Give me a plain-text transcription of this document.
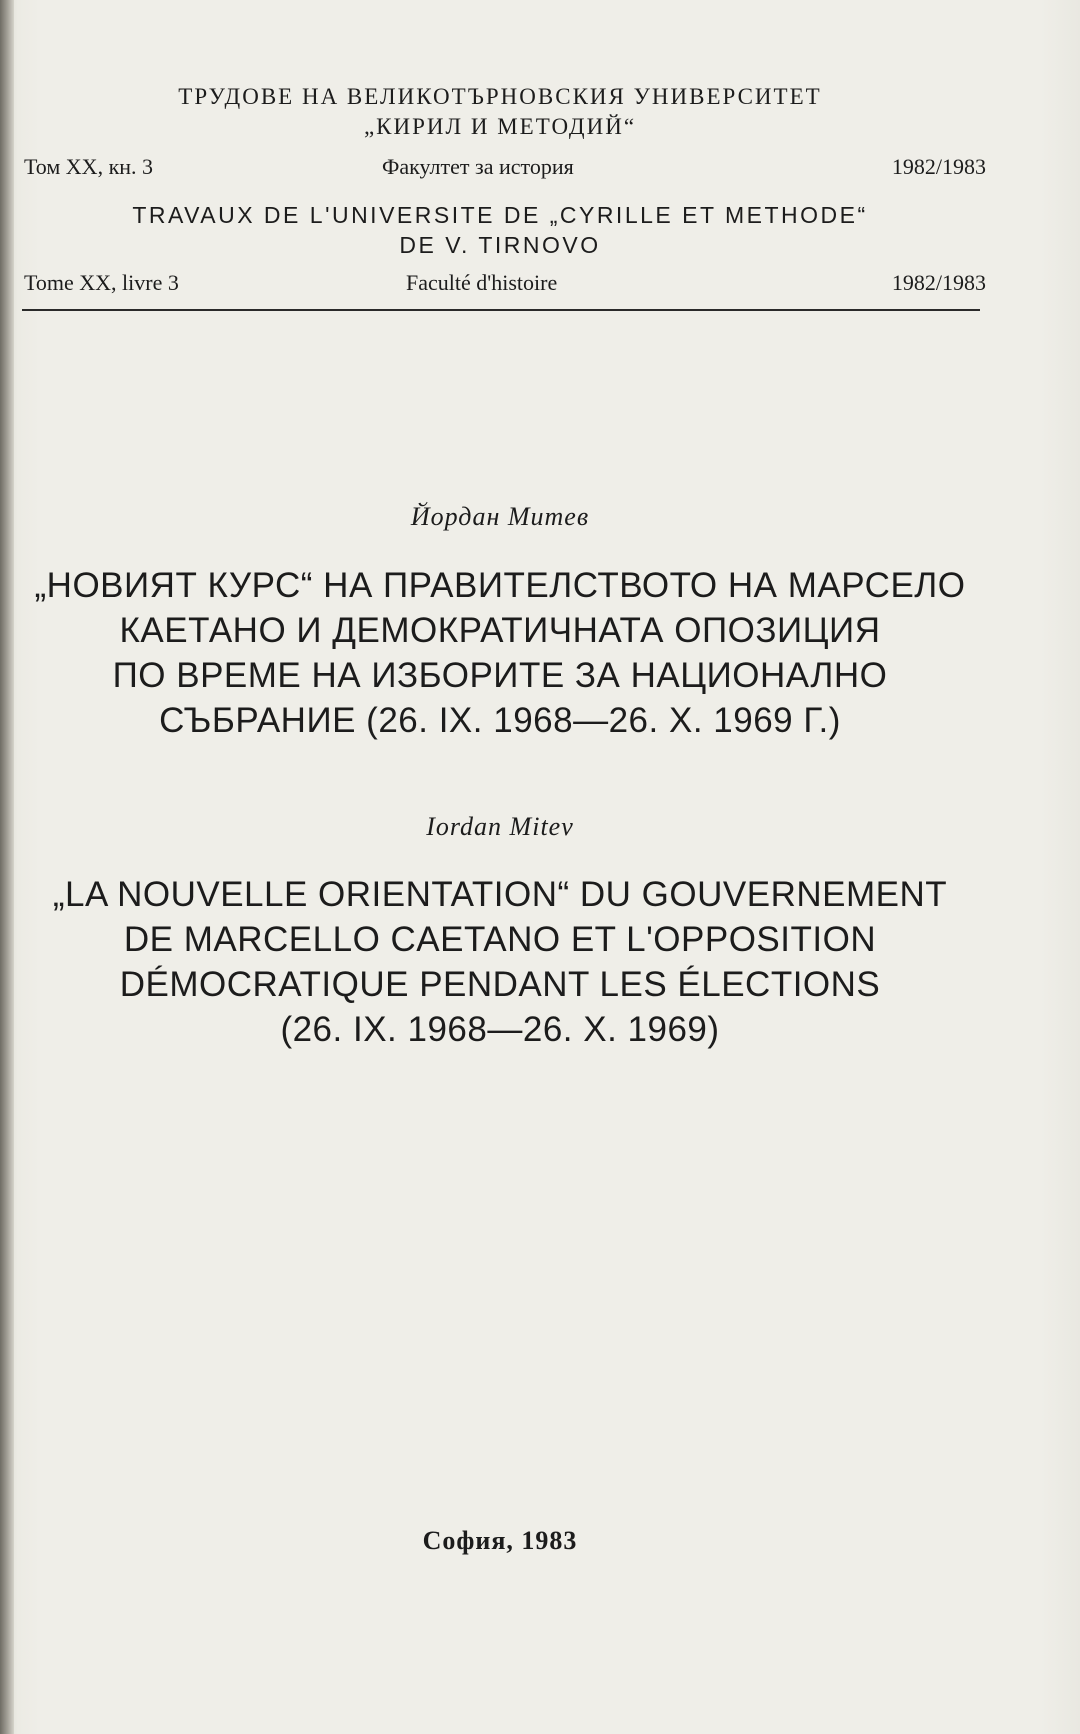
ТРУДОВЕ НА ВЕЛИКОТЪРНОВСКИЯ УНИВЕРСИТЕТ
„КИРИЛ И МЕТОДИЙ“
Том XX, кн. 3	Факултет за история	1982/1983
TRAVAUX DE L'UNIVERSITE DE „CYRILLE ET METHODE“
DE V. TIRNOVO
Tome XX, livre 3	Faculté d'histoire	1982/1983
Йордан Митев
„НОВИЯТ КУРС“ НА ПРАВИТЕЛСТВОТО НА МАРСЕЛО
КАЕТАНО И ДЕМОКРАТИЧНАТА ОПОЗИЦИЯ
ПО ВРЕМЕ НА ИЗБОРИТЕ ЗА НАЦИОНАЛНО
СЪБРАНИЕ (26. IX. 1968—26. X. 1969 Г.)
Iordan Mitev
„LA NOUVELLE ORIENTATION“ DU GOUVERNEMENT
DE MARCELLO CAETANO ET L'OPPOSITION
DÉMOCRATIQUE PENDANT LES ÉLECTIONS
(26. IX. 1968—26. X. 1969)
София, 1983
